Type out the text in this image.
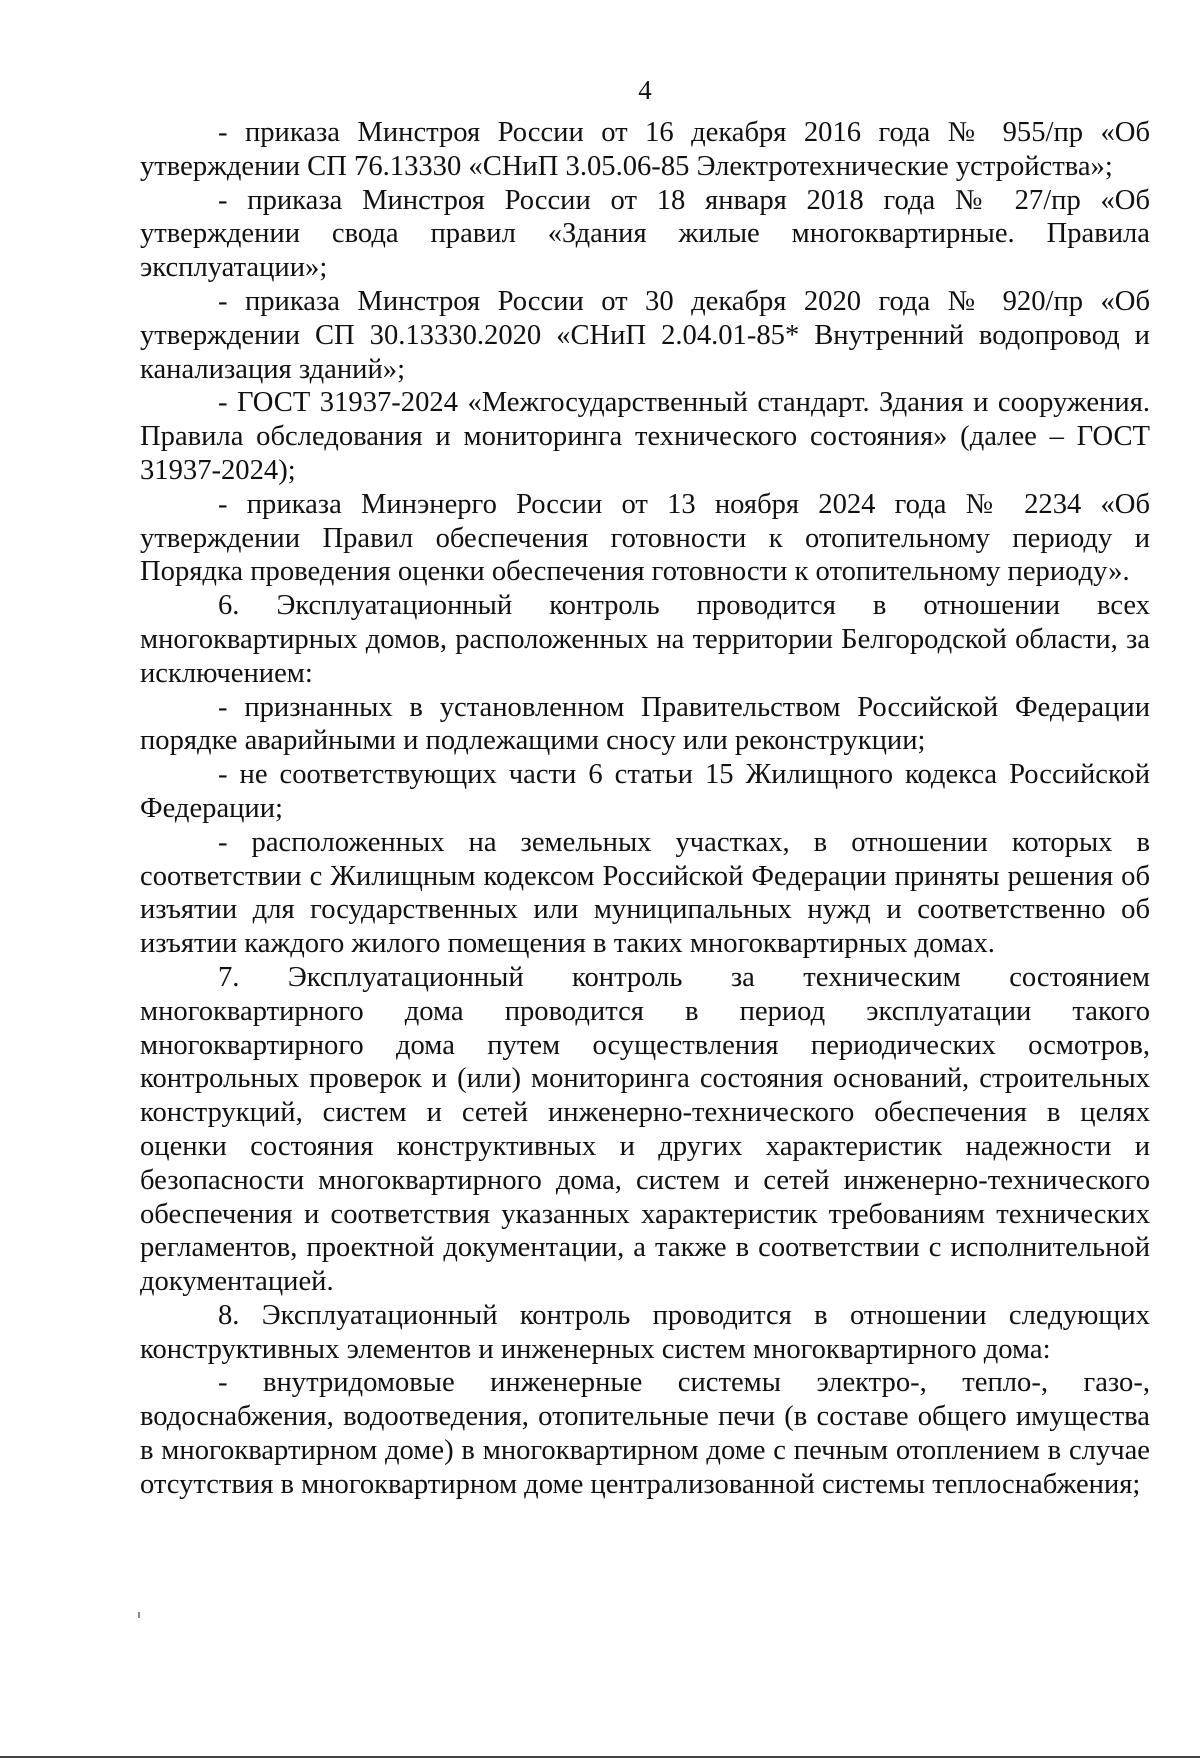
4

- приказа Минстроя России от 16 декабря 2016 года № 955/пр «Об утверждении СП 76.13330 «СНиП 3.05.06-85 Электротехнические устройства»;

- приказа Минстроя России от 18 января 2018 года № 27/пр «Об утверждении свода правил «Здания жилые многоквартирные. Правила эксплуатации»;

- приказа Минстроя России от 30 декабря 2020 года № 920/пр «Об утверждении СП 30.13330.2020 «СНиП 2.04.01-85* Внутренний водопровод и канализация зданий»;

- ГОСТ 31937-2024 «Межгосударственный стандарт. Здания и сооружения. Правила обследования и мониторинга технического состояния» (далее – ГОСТ 31937-2024);

- приказа Минэнерго России от 13 ноября 2024 года № 2234 «Об утверждении Правил обеспечения готовности к отопительному периоду и Порядка проведения оценки обеспечения готовности к отопительному периоду».

6. Эксплуатационный контроль проводится в отношении всех многоквартирных домов, расположенных на территории Белгородской области, за исключением:

- признанных в установленном Правительством Российской Федерации порядке аварийными и подлежащими сносу или реконструкции;

- не соответствующих части 6 статьи 15 Жилищного кодекса Российской Федерации;

- расположенных на земельных участках, в отношении которых в соответствии с Жилищным кодексом Российской Федерации приняты решения об изъятии для государственных или муниципальных нужд и соответственно об изъятии каждого жилого помещения в таких многоквартирных домах.

7. Эксплуатационный контроль за техническим состоянием многоквартирного дома проводится в период эксплуатации такого многоквартирного дома путем осуществления периодических осмотров, контрольных проверок и (или) мониторинга состояния оснований, строительных конструкций, систем и сетей инженерно-технического обеспечения в целях оценки состояния конструктивных и других характеристик надежности и безопасности многоквартирного дома, систем и сетей инженерно-технического обеспечения и соответствия указанных характеристик требованиям технических регламентов, проектной документации, а также в соответствии с исполнительной документацией.

8. Эксплуатационный контроль проводится в отношении следующих конструктивных элементов и инженерных систем многоквартирного дома:

- внутридомовые инженерные системы электро-, тепло-, газо-, водоснабжения, водоотведения, отопительные печи (в составе общего имущества в многоквартирном доме) в многоквартирном доме с печным отоплением в случае отсутствия в многоквартирном доме централизованной системы теплоснабжения;
